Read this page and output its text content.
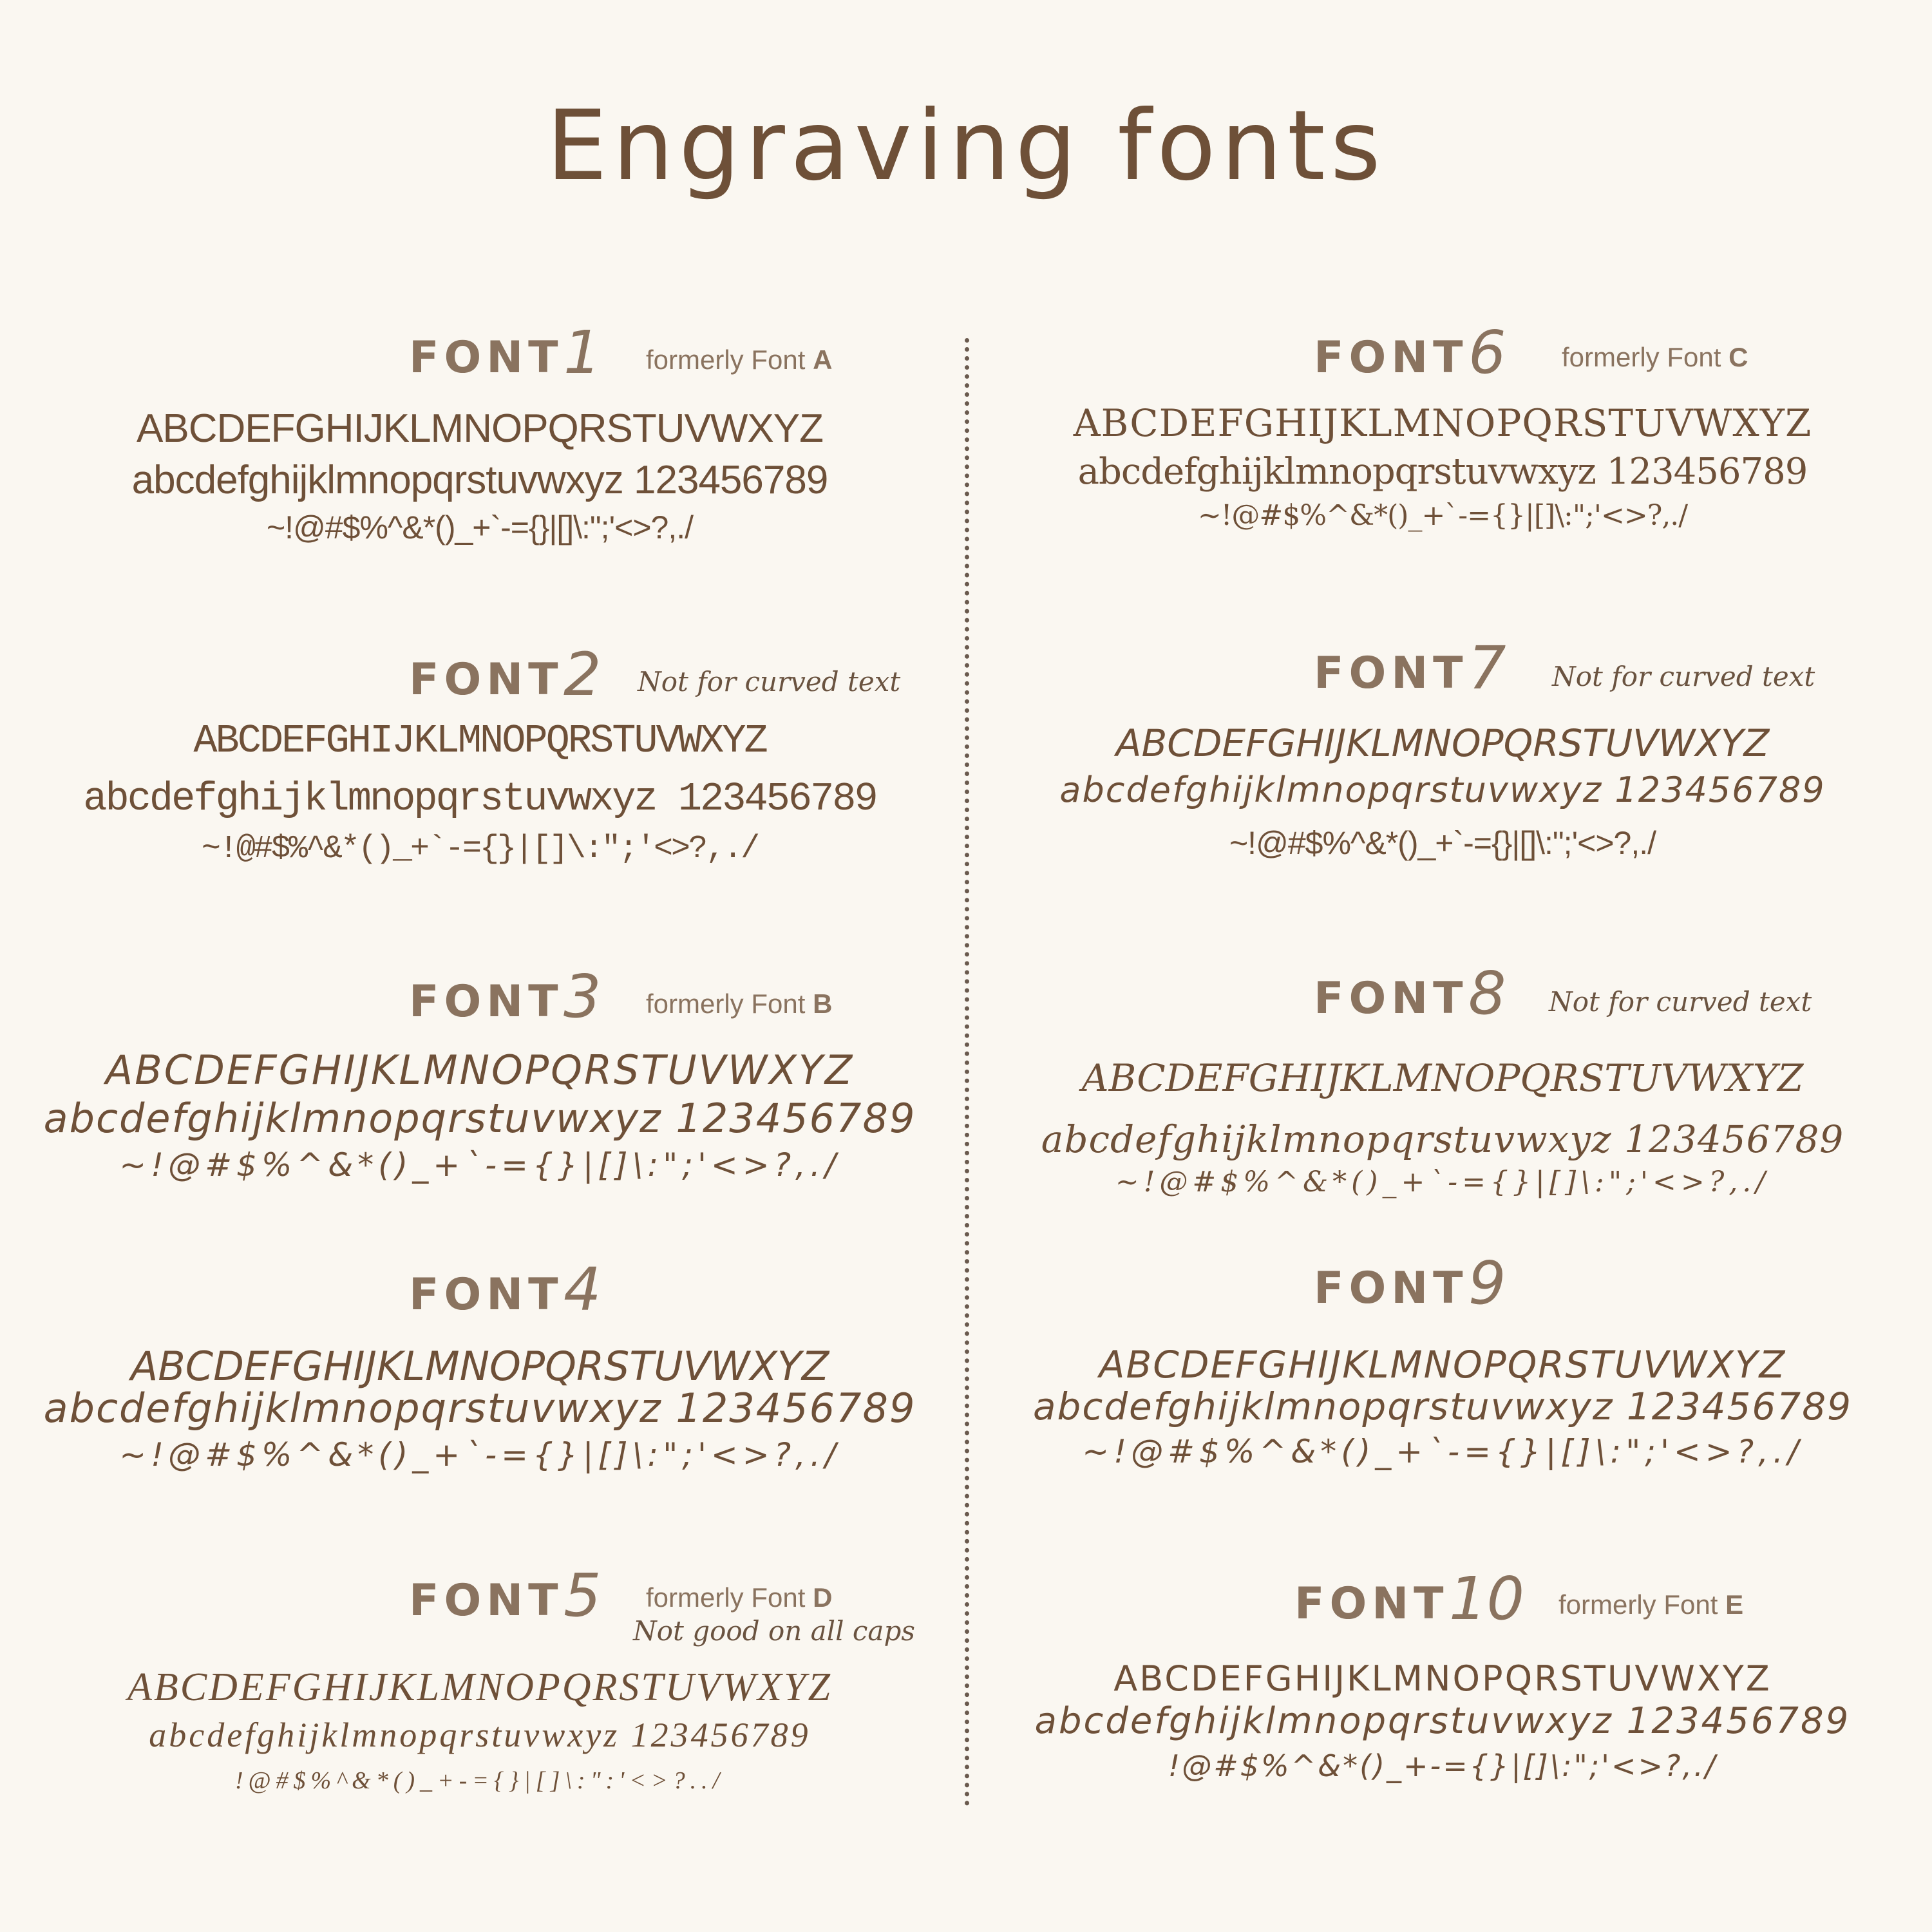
Engraving fonts
FONT 1 formerly Font A
ABCDEFGHIJKLMNOPQRSTUVWXYZ
abcdefghijklmnopqrstuvwxyz 123456789
~!@#$%^&*()_+`-={}|[]\:";'<>?,./
FONT 2 Not for curved text
ABCDEFGHIJKLMNOPQRSTUVWXYZ
abcdefghijklmnopqrstuvwxyz 123456789
~!@#$%^&*()_+`-={}|[]\:";'<>?,./
FONT 3 formerly Font B
ABCDEFGHIJKLMNOPQRSTUVWXYZ
abcdefghijklmnopqrstuvwxyz 123456789
~!@#$%^&*()_+`-={}|[]\:";'<>?,./
FONT 4
ABCDEFGHIJKLMNOPQRSTUVWXYZ
abcdefghijklmnopqrstuvwxyz 123456789
~!@#$%^&*()_+`-={}|[]\:";'<>?,./
FONT 5 formerly Font D
Not good on all caps
ABCDEFGHIJKLMNOPQRSTUVWXYZ
abcdefghijklmnopqrstuvwxyz 123456789
!@#$%^&*()_+-={}|[]\:":'<>?../
FONT 6 formerly Font C
ABCDEFGHIJKLMNOPQRSTUVWXYZ
abcdefghijklmnopqrstuvwxyz 123456789
~!@#$%^&*()_+`-={}|[]\:";'<>?,./
FONT 7 Not for curved text
ABCDEFGHIJKLMNOPQRSTUVWXYZ
abcdefghijklmnopqrstuvwxyz 123456789
~!@#$%^&*()_+`-={}|[]\:";'<>?,./
FONT 8 Not for curved text
ABCDEFGHIJKLMNOPQRSTUVWXYZ
abcdefghijklmnopqrstuvwxyz 123456789
~!@#$%^&*()_+`-={}|[]\:";'<>?,./
FONT 9
ABCDEFGHIJKLMNOPQRSTUVWXYZ
abcdefghijklmnopqrstuvwxyz 123456789
~!@#$%^&*()_+`-={}|[]\:";'<>?,./
FONT 10 formerly Font E
ABCDEFGHIJKLMNOPQRSTUVWXYZ
abcdefghijklmnopqrstuvwxyz 123456789
!@#$%^&*()_+-={}|[]\:";'<>?,./
